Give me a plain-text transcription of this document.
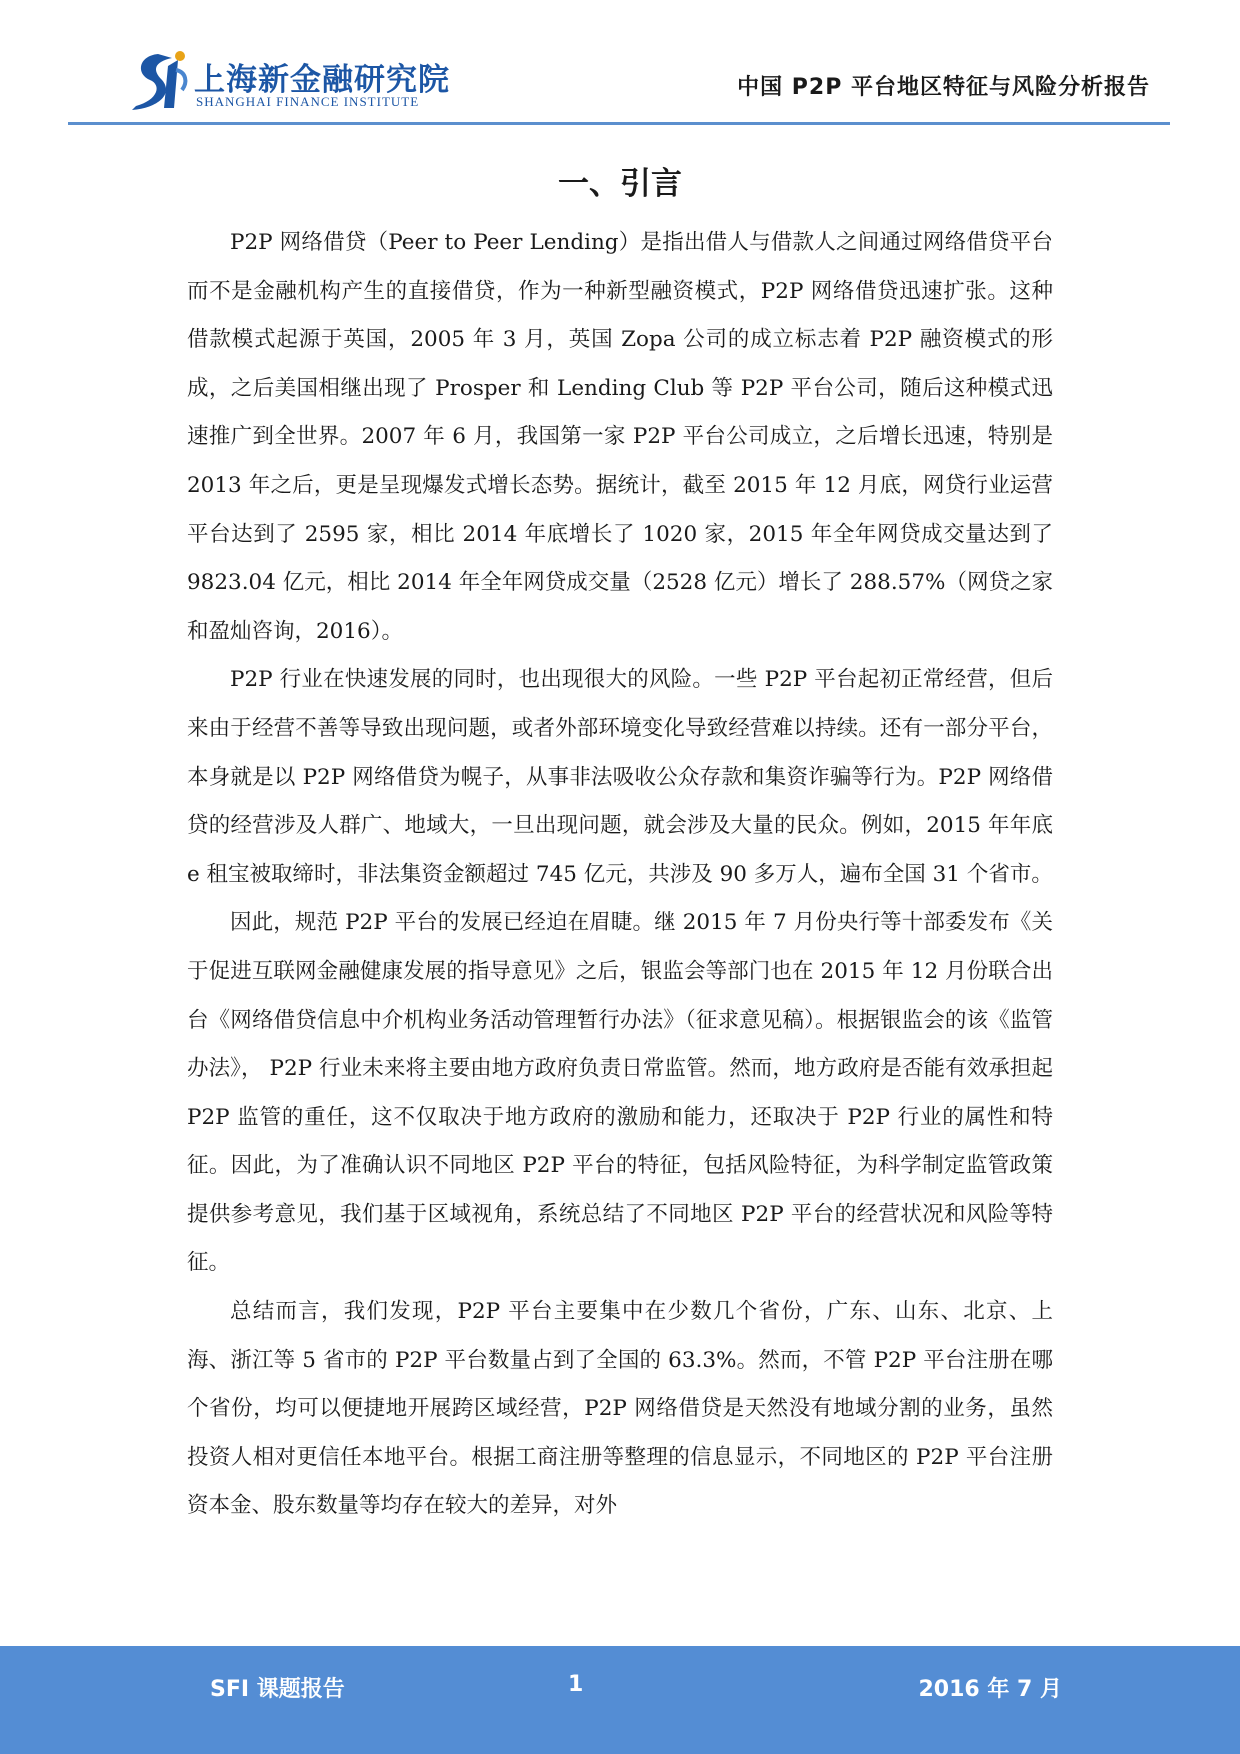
上海新金融研究院
SHANGHAI FINANCE INSTITUTE
中国 P2P 平台地区特征与风险分析报告
一、引言

P2P 网络借贷（Peer to Peer Lending）是指出借人与借款人之间通过网络借贷平台而不是金融机构产生的直接借贷，作为一种新型融资模式，P2P 网络借贷迅速扩张。这种借款模式起源于英国，2005 年 3 月，英国 Zopa 公司的成立标志着 P2P 融资模式的形成，之后美国相继出现了 Prosper 和 Lending Club 等 P2P 平台公司，随后这种模式迅速推广到全世界。2007 年 6 月，我国第一家 P2P 平台公司成立，之后增长迅速，特别是 2013 年之后，更是呈现爆发式增长态势。据统计，截至 2015 年 12 月底，网贷行业运营平台达到了 2595 家，相比 2014 年底增长了 1020 家，2015 年全年网贷成交量达到了 9823.04 亿元，相比 2014 年全年网贷成交量（2528 亿元）增长了 288.57%（网贷之家和盈灿咨询，2016）。

P2P 行业在快速发展的同时，也出现很大的风险。一些 P2P 平台起初正常经营，但后来由于经营不善等导致出现问题，或者外部环境变化导致经营难以持续。还有一部分平台，本身就是以 P2P 网络借贷为幌子，从事非法吸收公众存款和集资诈骗等行为。P2P 网络借贷的经营涉及人群广、地域大，一旦出现问题，就会涉及大量的民众。例如，2015 年年底 e 租宝被取缔时，非法集资金额超过 745 亿元，共涉及 90 多万人，遍布全国 31 个省市。

因此，规范 P2P 平台的发展已经迫在眉睫。继 2015 年 7 月份央行等十部委发布《关于促进互联网金融健康发展的指导意见》之后，银监会等部门也在 2015 年 12 月份联合出台《网络借贷信息中介机构业务活动管理暂行办法》（征求意见稿）。根据银监会的该《监管办法》， P2P 行业未来将主要由地方政府负责日常监管。然而，地方政府是否能有效承担起 P2P 监管的重任，这不仅取决于地方政府的激励和能力，还取决于 P2P 行业的属性和特征。因此，为了准确认识不同地区 P2P 平台的特征，包括风险特征，为科学制定监管政策提供参考意见，我们基于区域视角，系统总结了不同地区 P2P 平台的经营状况和风险等特征。

总结而言，我们发现，P2P 平台主要集中在少数几个省份，广东、山东、北京、上海、浙江等 5 省市的 P2P 平台数量占到了全国的 63.3%。然而，不管 P2P 平台注册在哪个省份，均可以便捷地开展跨区域经营，P2P 网络借贷是天然没有地域分割的业务，虽然投资人相对更信任本地平台。根据工商注册等整理的信息显示，不同地区的 P2P 平台注册资本金、股东数量等均存在较大的差异，对外

SFI 课题报告	1	2016 年 7 月
